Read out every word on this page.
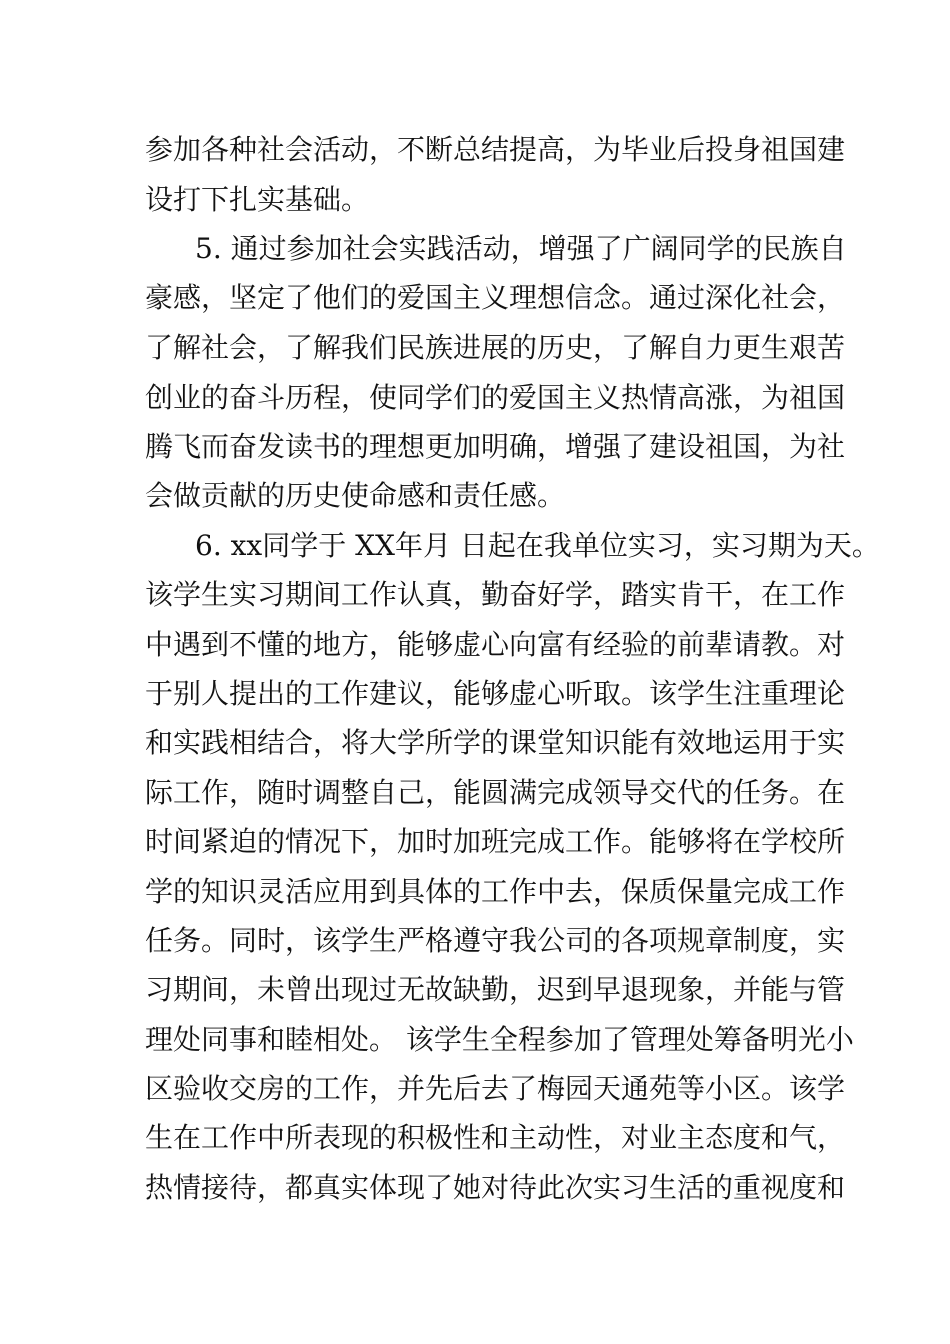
参加各种社会活动，不断总结提高，为毕业后投身祖国建
设打下扎实基础。
5. 通过参加社会实践活动，增强了广阔同学的民族自
豪感，坚定了他们的爱国主义理想信念。通过深化社会，
了解社会，了解我们民族进展的历史，了解自力更生艰苦
创业的奋斗历程，使同学们的爱国主义热情高涨，为祖国
腾飞而奋发读书的理想更加明确，增强了建设祖国，为社
会做贡献的历史使命感和责任感。
6. xx同学于 XX年月 日起在我单位实习，实习期为天。
该学生实习期间工作认真，勤奋好学，踏实肯干，在工作
中遇到不懂的地方，能够虚心向富有经验的前辈请教。对
于别人提出的工作建议，能够虚心听取。该学生注重理论
和实践相结合，将大学所学的课堂知识能有效地运用于实
际工作，随时调整自己，能圆满完成领导交代的任务。在
时间紧迫的情况下，加时加班完成工作。能够将在学校所
学的知识灵活应用到具体的工作中去，保质保量完成工作
任务。同时，该学生严格遵守我公司的各项规章制度，实
习期间，未曾出现过无故缺勤，迟到早退现象，并能与管
理处同事和睦相处。 该学生全程参加了管理处筹备明光小
区验收交房的工作，并先后去了梅园天通苑等小区。该学
生在工作中所表现的积极性和主动性，对业主态度和气，
热情接待，都真实体现了她对待此次实习生活的重视度和
